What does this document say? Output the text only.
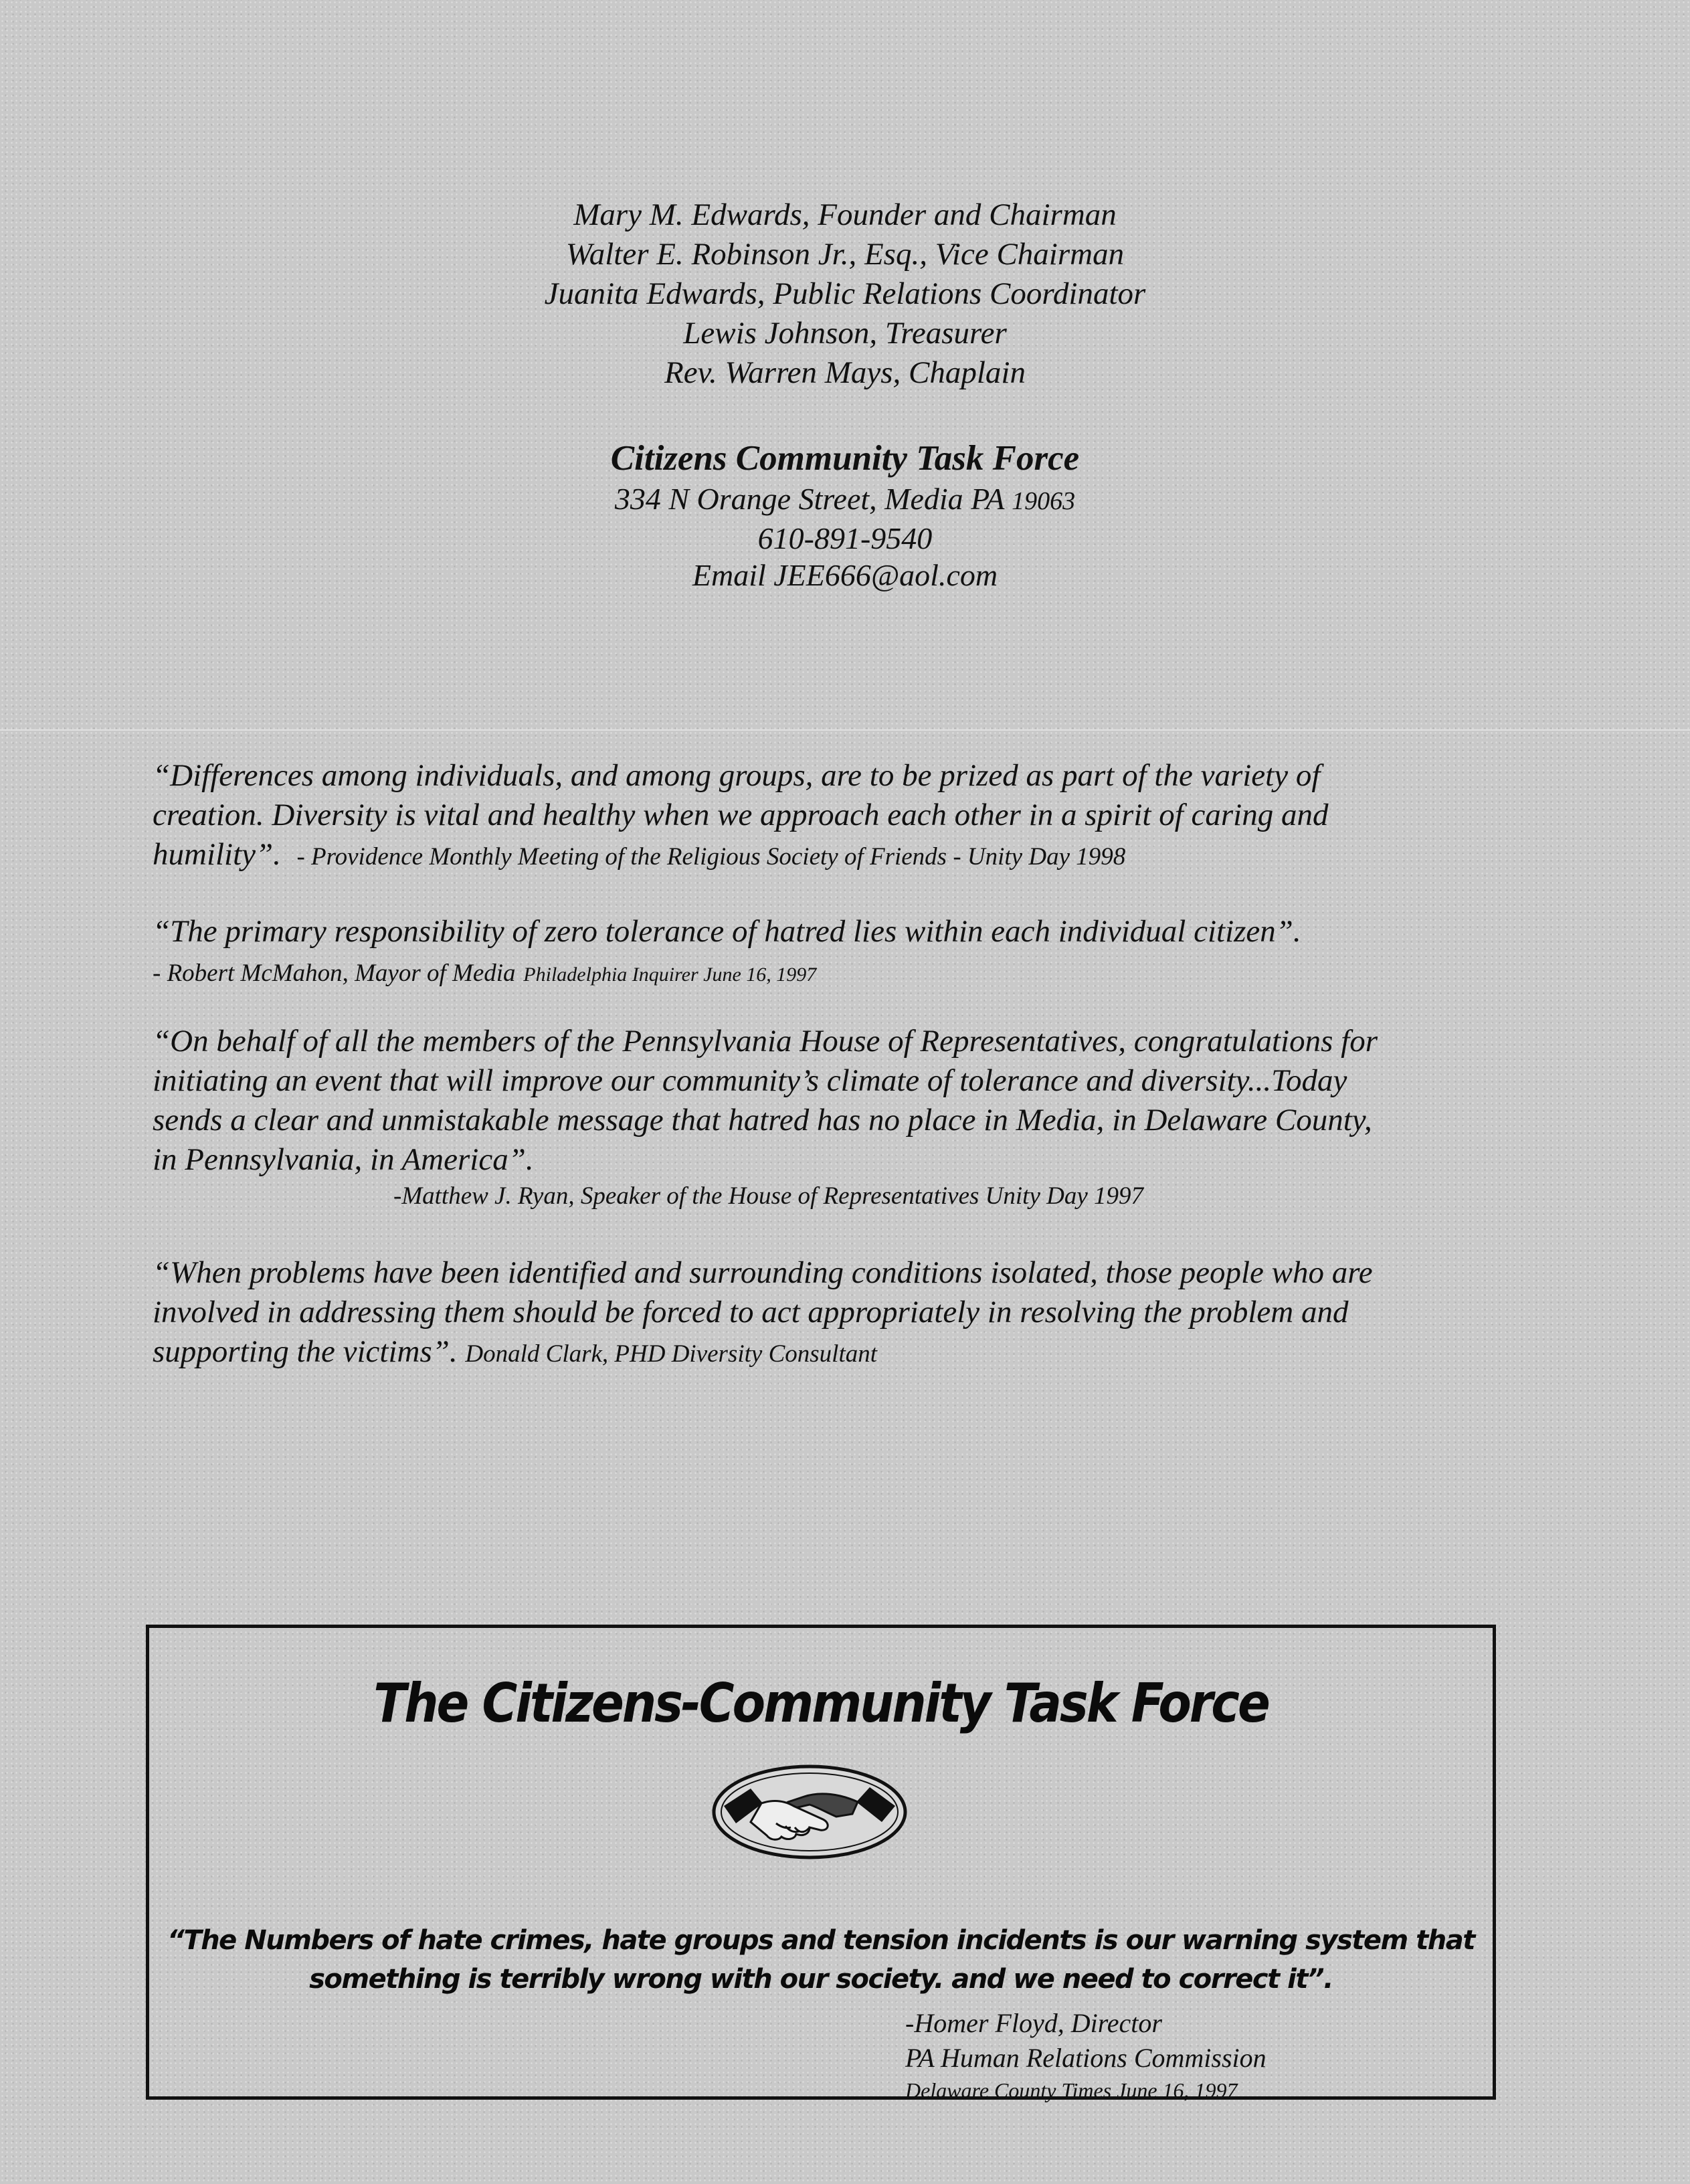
Mary M. Edwards, Founder and Chairman
Walter E. Robinson Jr., Esq., Vice Chairman
Juanita Edwards, Public Relations Coordinator
Lewis Johnson, Treasurer
Rev. Warren Mays, Chaplain
Citizens Community Task Force
334 N Orange Street, Media PA 19063
610-891-9540
Email JEE666@aol.com
“Differences among individuals, and among groups, are to be prized as part of the variety of
creation. Diversity is vital and healthy when we approach each other in a spirit of caring and
humility”. - Providence Monthly Meeting of the Religious Society of Friends - Unity Day 1998
“The primary responsibility of zero tolerance of hatred lies within each individual citizen”.
- Robert McMahon, Mayor of Media Philadelphia Inquirer June 16, 1997
“On behalf of all the members of the Pennsylvania House of Representatives, congratulations for
initiating an event that will improve our community’s climate of tolerance and diversity...Today
sends a clear and unmistakable message that hatred has no place in Media, in Delaware County,
in Pennsylvania, in America”.
-Matthew J. Ryan, Speaker of the House of Representatives Unity Day 1997
“When problems have been identified and surrounding conditions isolated, those people who are
involved in addressing them should be forced to act appropriately in resolving the problem and
supporting the victims”. Donald Clark, PHD Diversity Consultant
The Citizens-Community Task Force
“The Numbers of hate crimes, hate groups and tension incidents is our warning system that
something is terribly wrong with our society. and we need to correct it”.
-Homer Floyd, Director
PA Human Relations Commission
Delaware County Times June 16, 1997
